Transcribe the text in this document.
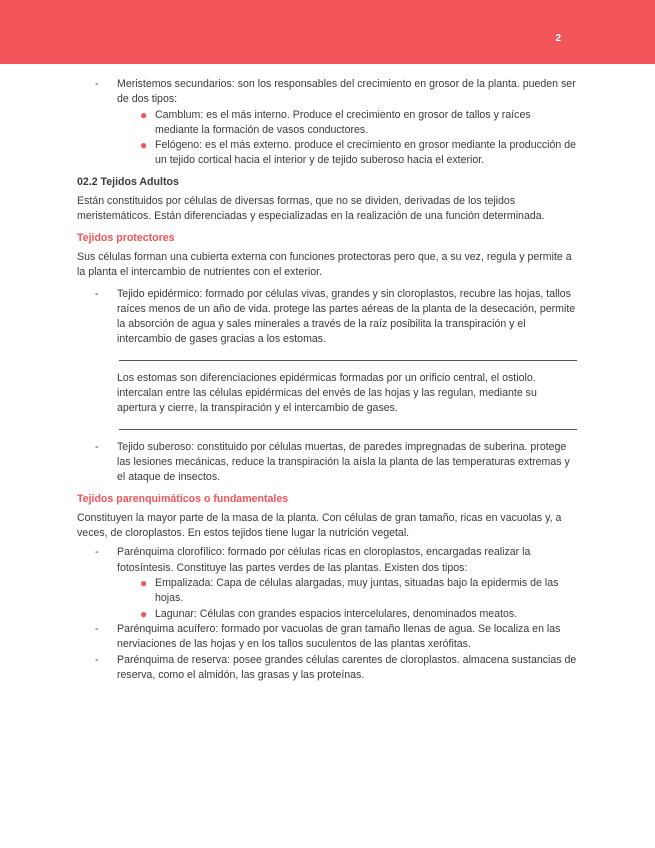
2
- Meristemos secundarios: son los responsables del crecimiento en grosor de la planta. pueden ser de dos tipos:
● Camblum: es el más interno. Produce el crecimiento en grosor de tallos y raíces mediante la formación de vasos conductores.
● Felógeno: es el más externo. produce el crecimiento en grosor mediante la producción de un tejido cortical hacia el interior y de tejido suberoso hacia el exterior.
02.2 Tejidos Adultos
Están constituidos por células de diversas formas, que no se dividen, derivadas de los tejidos meristemáticos. Están diferenciadas y especializadas en la realización de una función determinada.
Tejidos protectores
Sus células forman una cubierta externa con funciones protectoras pero que, a su vez, regula y permite a la planta el intercambio de nutrientes con el exterior.
- Tejido epidérmico: formado por células vivas, grandes y sin cloroplastos, recubre las hojas, tallos raíces menos de un año de vida. protege las partes aéreas de la planta de la desecación, permite la absorción de agua y sales minerales a través de la raíz posibilita la transpiración y el intercambio de gases gracias a los estomas.
Los estomas son diferenciaciones epidérmicas formadas por un orificio central, el ostiolo. intercalan entre las células epidérmicas del envés de las hojas y las regulan, mediante su apertura y cierre, la transpiración y el intercambio de gases.
- Tejido suberoso: constituido por células muertas, de paredes impregnadas de suberina. protege las lesiones mecánicas, reduce la transpiración la aísla la planta de las temperaturas extremas y el ataque de insectos.
Tejidos parenquimáticos o fundamentales
Constituyen la mayor parte de la masa de la planta. Con células de gran tamaño, ricas en vacuolas y, a veces, de cloroplastos. En estos tejidos tiene lugar la nutrición vegetal.
- Parénquima clorofílico: formado por células ricas en cloroplastos, encargadas realizar la fotosíntesis. Constituye las partes verdes de las plantas. Existen dos tipos:
● Empalizada: Capa de células alargadas, muy juntas, situadas bajo la epidermis de las hojas.
● Lagunar: Células con grandes espacios intercelulares, denominados meatos.
- Parénquima acuífero: formado por vacuolas de gran tamaño llenas de agua. Se localiza en las nerviaciones de las hojas y en los tallos suculentos de las plantas xerófitas.
- Parénquima de reserva: posee grandes células carentes de cloroplastos. almacena sustancias de reserva, como el almidón, las grasas y las proteínas.
